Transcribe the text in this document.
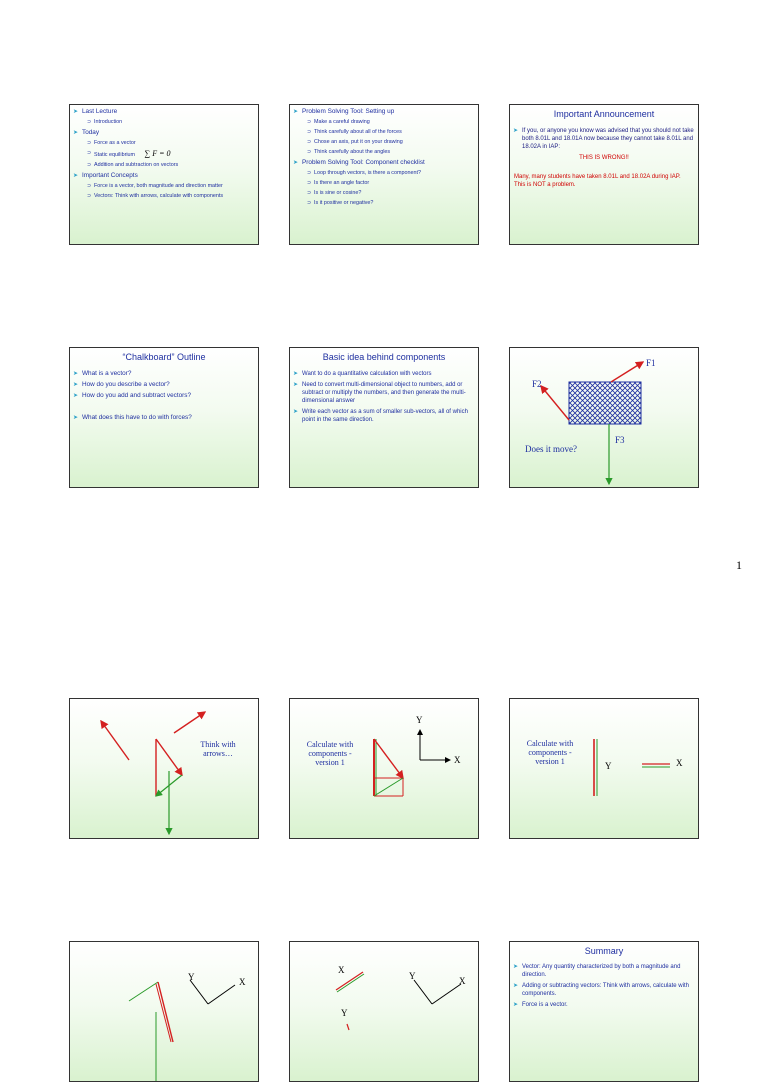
➤ Last Lecture
⊃ Introduction
➤ Today
⊃ Force as a vector
⊃ Static equilibrium ∑ F = 0
⊃ Addition and subtraction on vectors
➤ Important Concepts
⊃ Force is a vector, both magnitude and direction matter
⊃ Vectors: Think with arrows, calculate with components
➤ Problem Solving Tool: Setting up
⊃ Make a careful drawing
⊃ Think carefully about all of the forces
⊃ Chose an axis, put it on your drawing
⊃ Think carefully about the angles
➤ Problem Solving Tool: Component checklist
⊃ Loop through vectors, is there a component?
⊃ Is there an angle factor
⊃ Is is sine or cosine?
⊃ Is it positive or negative?
Important Announcement
➤ If you, or anyone you know was advised that you should not take both 8.01L and 18.01A now because they cannot take 8.01L and 18.02A in IAP:
THIS IS WRONG!!
Many, many students have taken 8.01L and 18.02A during IAP. This is NOT a problem.
“Chalkboard” Outline
➤ What is a vector?
➤ How do you describe a vector?
➤ How do you add and subtract vectors?
➤ What does this have to do with forces?
Basic idea behind components
➤ Want to do a quantitative calculation with vectors
➤ Need to convert multi-dimensional object to numbers, add or subtract or multiply the numbers, and then generate the multi-dimensional answer
➤ Write each vector as a sum of smaller sub-vectors, all of which point in the same direction.
F1
F2
F3
Does it move?
1
Think with arrows…
Calculate with components - version 1
Y
X
Calculate with components - version 1	Y	X
Y	X
X
Y
Y	X
Summary
➤ Vector: Any quantity characterized by both a magnitude and direction.
➤ Adding or subtracting vectors: Think with arrows, calculate with components.
➤ Force is a vector.
